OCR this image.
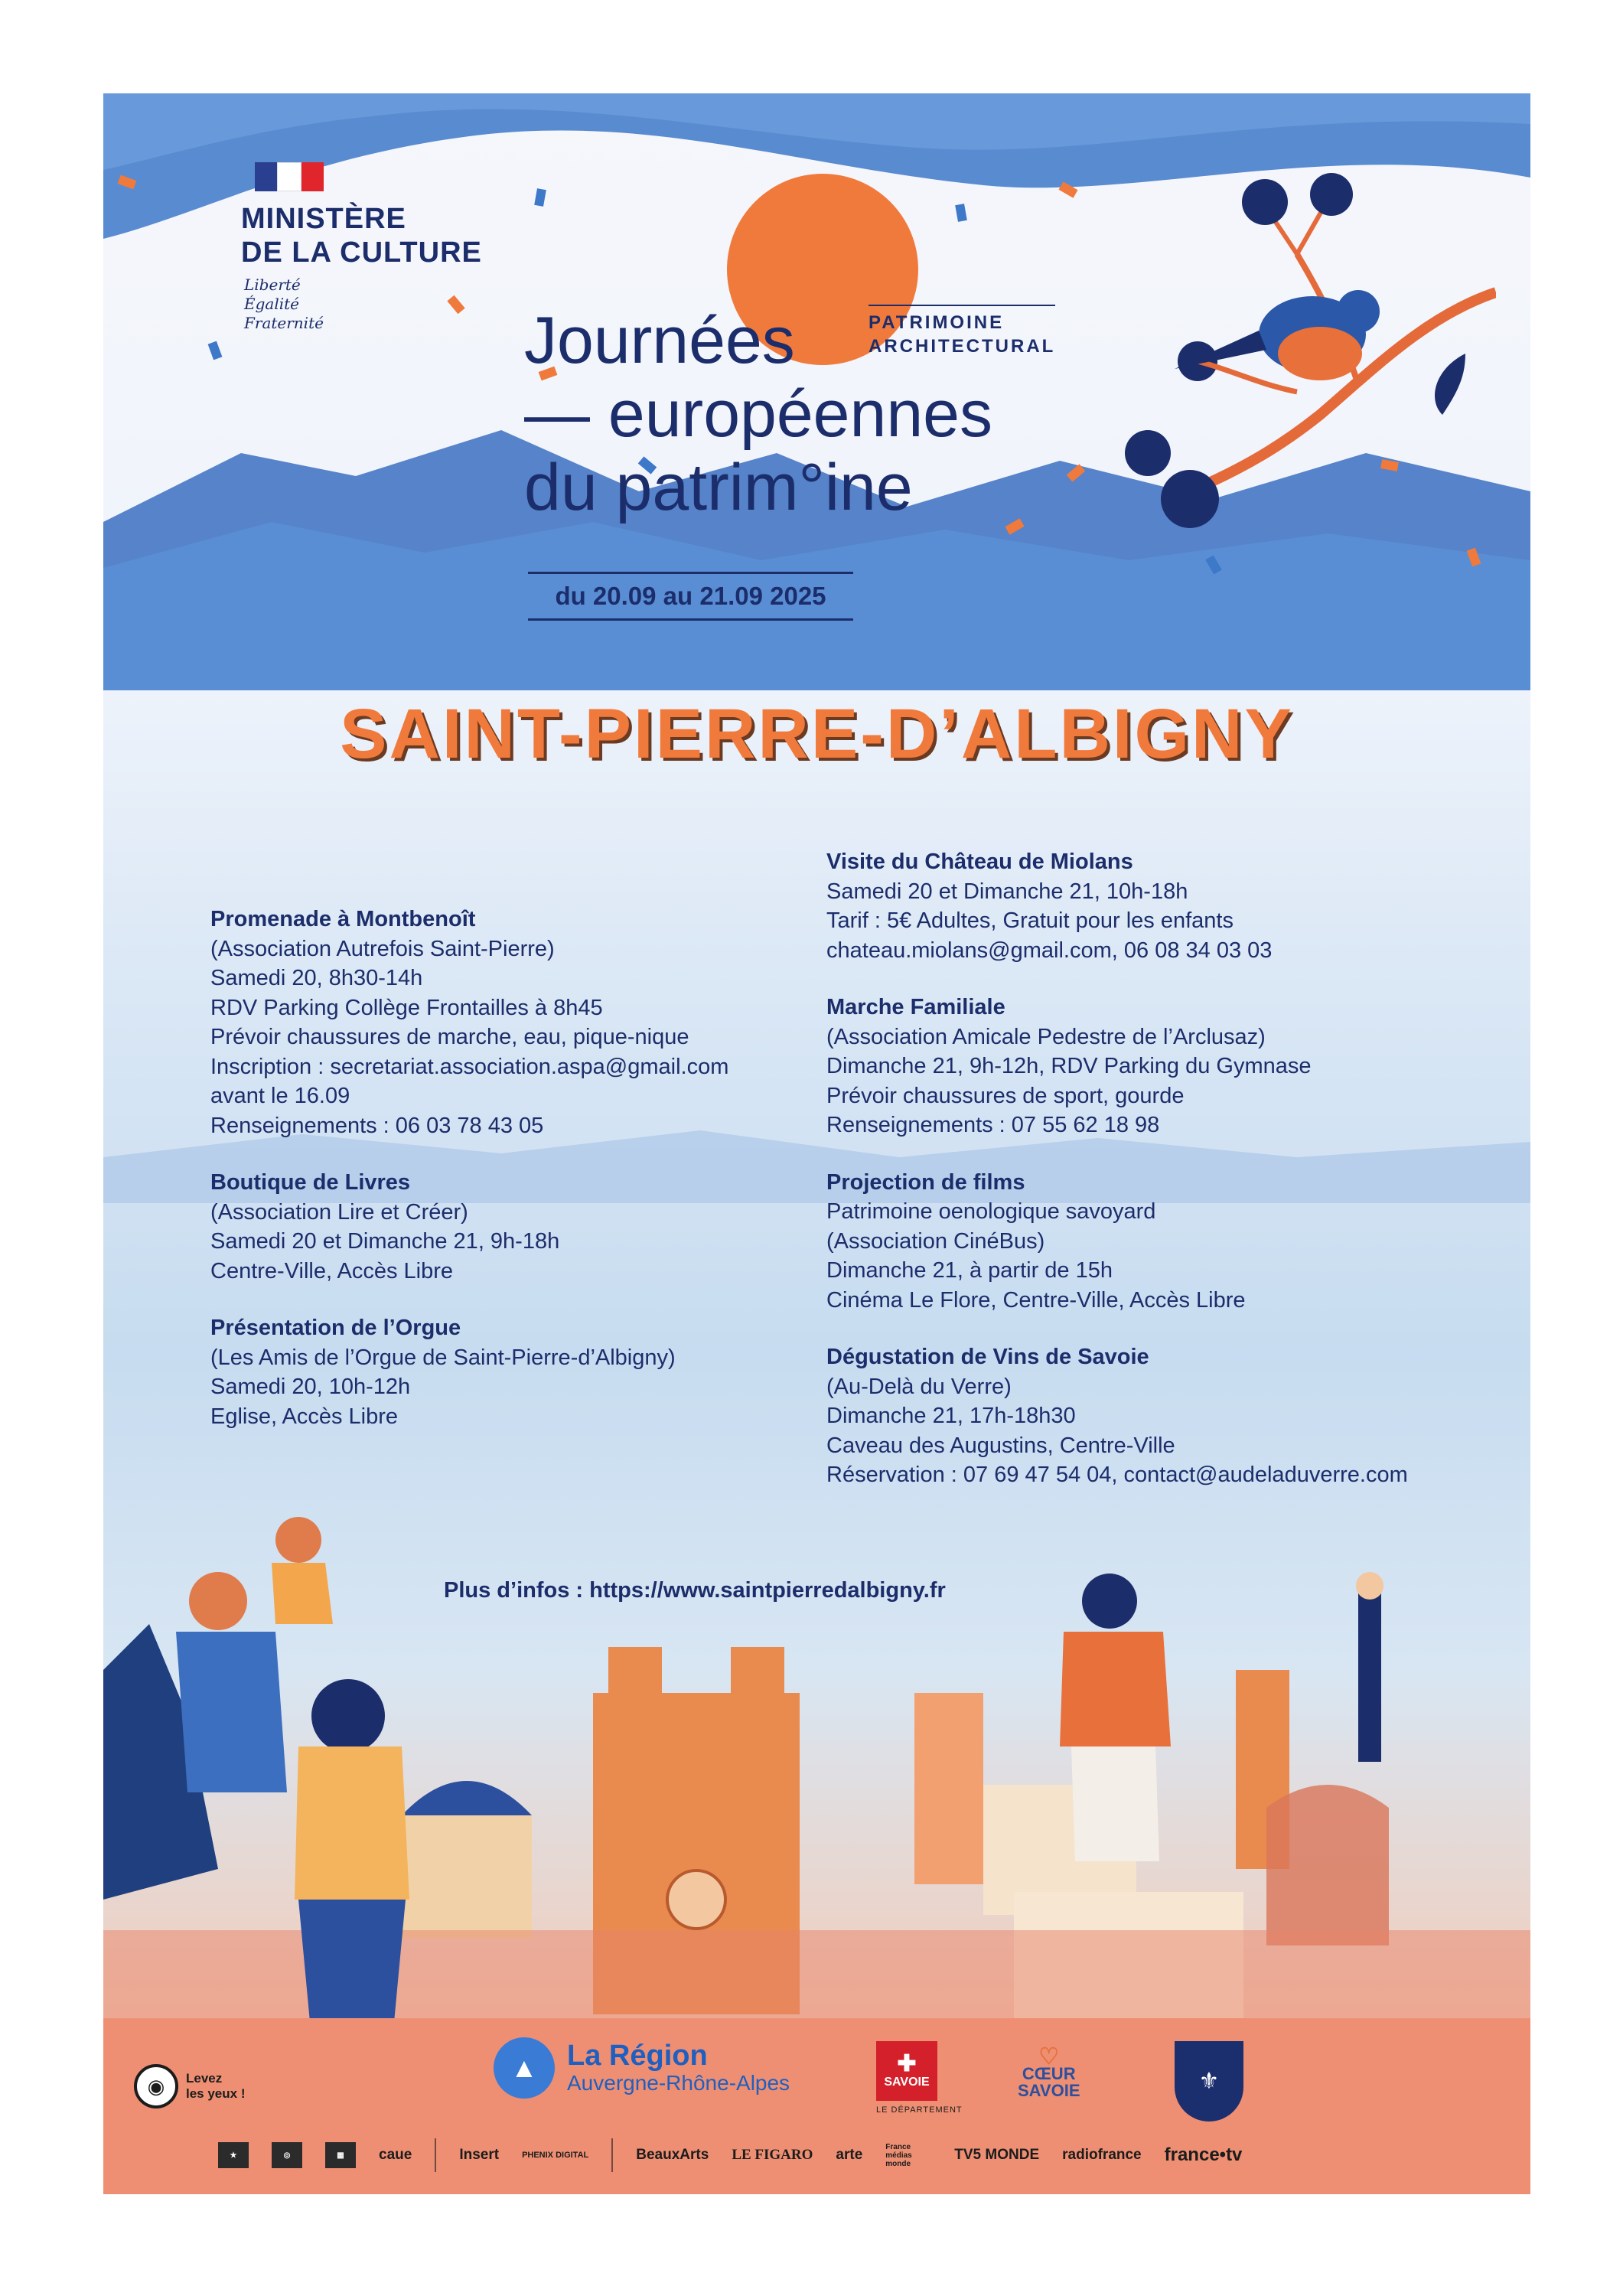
MINISTÈRE
DE LA CULTURE
Liberté
Égalité
Fraternité	Journées
— européennes
du patrim°ine
PATRIMOINE
ARCHITECTURAL
du 20.09 au 21.09 2025
SAINT-PIERRE-D’ALBIGNY
Promenade à Montbenoît
(Association Autrefois Saint-Pierre)
Samedi 20, 8h30-14h
RDV Parking Collège Frontailles à 8h45
Prévoir chaussures de marche, eau, pique-nique
Inscription : secretariat.association.aspa@gmail.com
avant le 16.09
Renseignements : 06 03 78 43 05
Boutique de Livres
(Association Lire et Créer)
Samedi 20 et Dimanche 21, 9h-18h
Centre-Ville, Accès Libre
Présentation de l’Orgue
(Les Amis de l’Orgue de Saint-Pierre-d’Albigny)
Samedi 20, 10h-12h
Eglise, Accès Libre
Visite du Château de Miolans
Samedi 20 et Dimanche 21, 10h-18h
Tarif : 5€ Adultes, Gratuit pour les enfants
chateau.miolans@gmail.com, 06 08 34 03 03
Marche Familiale
(Association Amicale Pedestre de l’Arclusaz)
Dimanche 21, 9h-12h, RDV Parking du Gymnase
Prévoir chaussures de sport, gourde
Renseignements : 07 55 62 18 98
Projection de films
Patrimoine oenologique savoyard
(Association CinéBus)
Dimanche 21, à partir de 15h
Cinéma Le Flore, Centre-Ville, Accès Libre
Dégustation de Vins de Savoie
(Au-Delà du Verre)
Dimanche 21, 17h-18h30
Caveau des Augustins, Centre-Ville
Réservation : 07 69 47 54 04, contact@audeladuverre.com
Plus d’infos : https://www.saintpierredalbigny.fr
◉	Levez
les yeux !
▲	La Région
Auvergne-Rhône-Alpes
✚
SAVOIE
LE DÉPARTEMENT
♡
CŒUR
SAVOIE	⚜
★	◎	▦	caue	Insert	PHENIX DIGITAL	BeauxArts LE FIGARO arte	France médias monde
TV5 MONDE radiofrance france•tv
